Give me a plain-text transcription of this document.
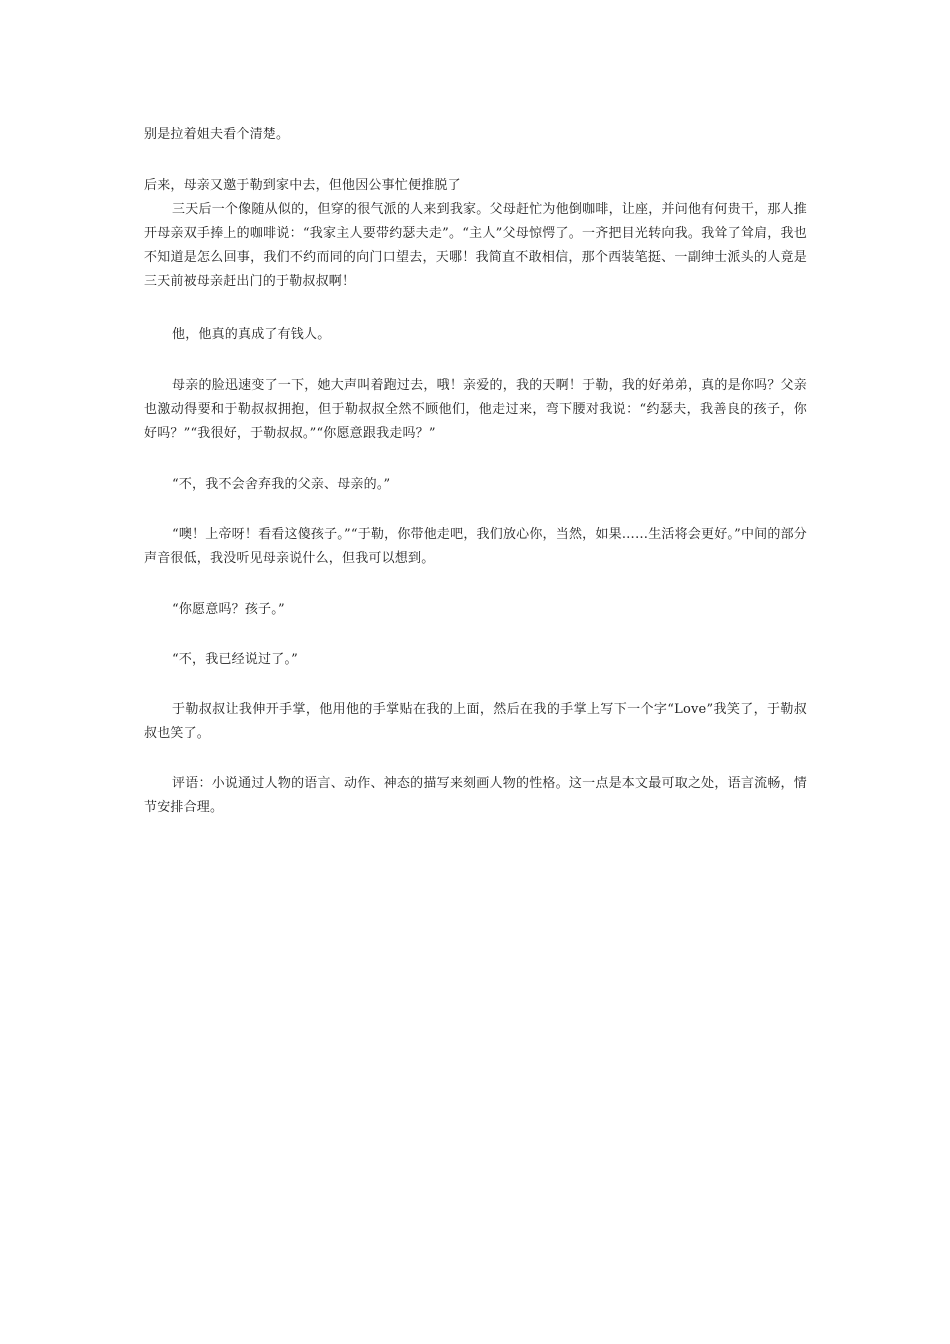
别是拉着姐夫看个清楚。

后来，母亲又邀于勒到家中去，但他因公事忙便推脱了

三天后一个像随从似的，但穿的很气派的人来到我家。父母赶忙为他倒咖啡，让座，并问他有何贵干，那人推开母亲双手捧上的咖啡说：“我家主人要带约瑟夫走”。“主人”父母惊愕了。一齐把目光转向我。我耸了耸肩，我也不知道是怎么回事，我们不约而同的向门口望去，天哪！我简直不敢相信，那个西装笔挺、一副绅士派头的人竟是三天前被母亲赶出门的于勒叔叔啊！

他，他真的真成了有钱人。

母亲的脸迅速变了一下，她大声叫着跑过去，哦！亲爱的，我的天啊！于勒，我的好弟弟，真的是你吗？父亲也激动得要和于勒叔叔拥抱，但于勒叔叔全然不顾他们，他走过来，弯下腰对我说：“约瑟夫，我善良的孩子，你好吗？”“我很好，于勒叔叔。”“你愿意跟我走吗？”

“不，我不会舍弃我的父亲、母亲的。”

“噢！上帝呀！看看这傻孩子。”“于勒，你带他走吧，我们放心你，当然，如果……生活将会更好。”中间的部分声音很低，我没听见母亲说什么，但我可以想到。

“你愿意吗？孩子。”

“不，我已经说过了。”

于勒叔叔让我伸开手掌，他用他的手掌贴在我的上面，然后在我的手掌上写下一个字“Love”我笑了，于勒叔叔也笑了。

评语：小说通过人物的语言、动作、神态的描写来刻画人物的性格。这一点是本文最可取之处，语言流畅，情节安排合理。
